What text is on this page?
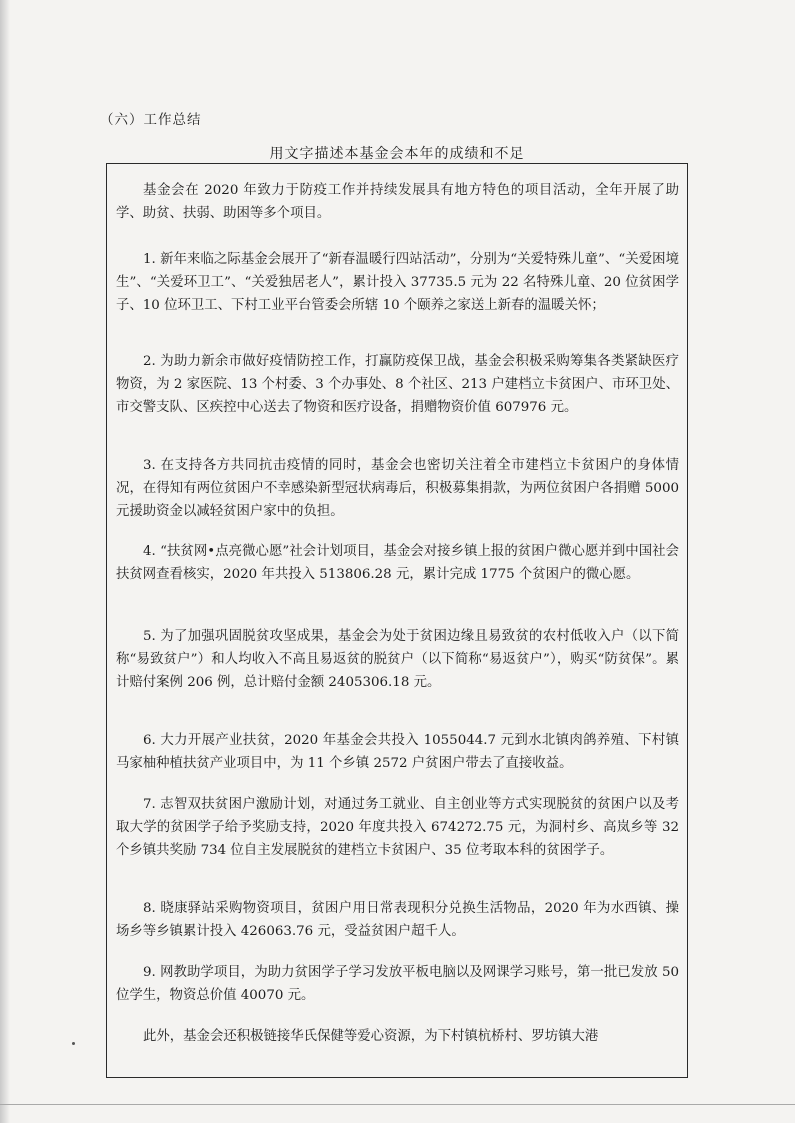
（六）工作总结
用文字描述本基金会本年的成绩和不足

基金会在 2020 年致力于防疫工作并持续发展具有地方特色的项目活动，全年开展了助学、助贫、扶弱、助困等多个项目。

1. 新年来临之际基金会展开了“新春温暖行四站活动”，分别为“关爱特殊儿童”、“关爱困境生”、“关爱环卫工”、“关爱独居老人”，累计投入 37735.5 元为 22 名特殊儿童、20 位贫困学子、10 位环卫工、下村工业平台管委会所辖 10 个颐养之家送上新春的温暖关怀；

2. 为助力新余市做好疫情防控工作，打赢防疫保卫战，基金会积极采购筹集各类紧缺医疗物资，为 2 家医院、13 个村委、3 个办事处、8 个社区、213 户建档立卡贫困户、市环卫处、市交警支队、区疾控中心送去了物资和医疗设备，捐赠物资价值 607976 元。

3. 在支持各方共同抗击疫情的同时，基金会也密切关注着全市建档立卡贫困户的身体情况，在得知有两位贫困户不幸感染新型冠状病毒后，积极募集捐款，为两位贫困户各捐赠 5000 元援助资金以减轻贫困户家中的负担。

4. “扶贫网•点亮微心愿”社会计划项目，基金会对接乡镇上报的贫困户微心愿并到中国社会扶贫网查看核实，2020 年共投入 513806.28 元，累计完成 1775 个贫困户的微心愿。

5. 为了加强巩固脱贫攻坚成果，基金会为处于贫困边缘且易致贫的农村低收入户（以下简称“易致贫户”）和人均收入不高且易返贫的脱贫户（以下简称“易返贫户”），购买“防贫保”。累计赔付案例 206 例，总计赔付金额 2405306.18 元。

6. 大力开展产业扶贫，2020 年基金会共投入 1055044.7 元到水北镇肉鸽养殖、下村镇马家柚种植扶贫产业项目中，为 11 个乡镇 2572 户贫困户带去了直接收益。

7. 志智双扶贫困户激励计划，对通过务工就业、自主创业等方式实现脱贫的贫困户以及考取大学的贫困学子给予奖励支持，2020 年度共投入 674272.75 元，为洞村乡、高岚乡等 32 个乡镇共奖励 734 位自主发展脱贫的建档立卡贫困户、35 位考取本科的贫困学子。

8. 晓康驿站采购物资项目，贫困户用日常表现积分兑换生活物品，2020 年为水西镇、操场乡等乡镇累计投入 426063.76 元，受益贫困户超千人。

9. 网教助学项目，为助力贫困学子学习发放平板电脑以及网课学习账号，第一批已发放 50 位学生，物资总价值 40070 元。

此外，基金会还积极链接华氏保健等爱心资源，为下村镇杭桥村、罗坊镇大港
